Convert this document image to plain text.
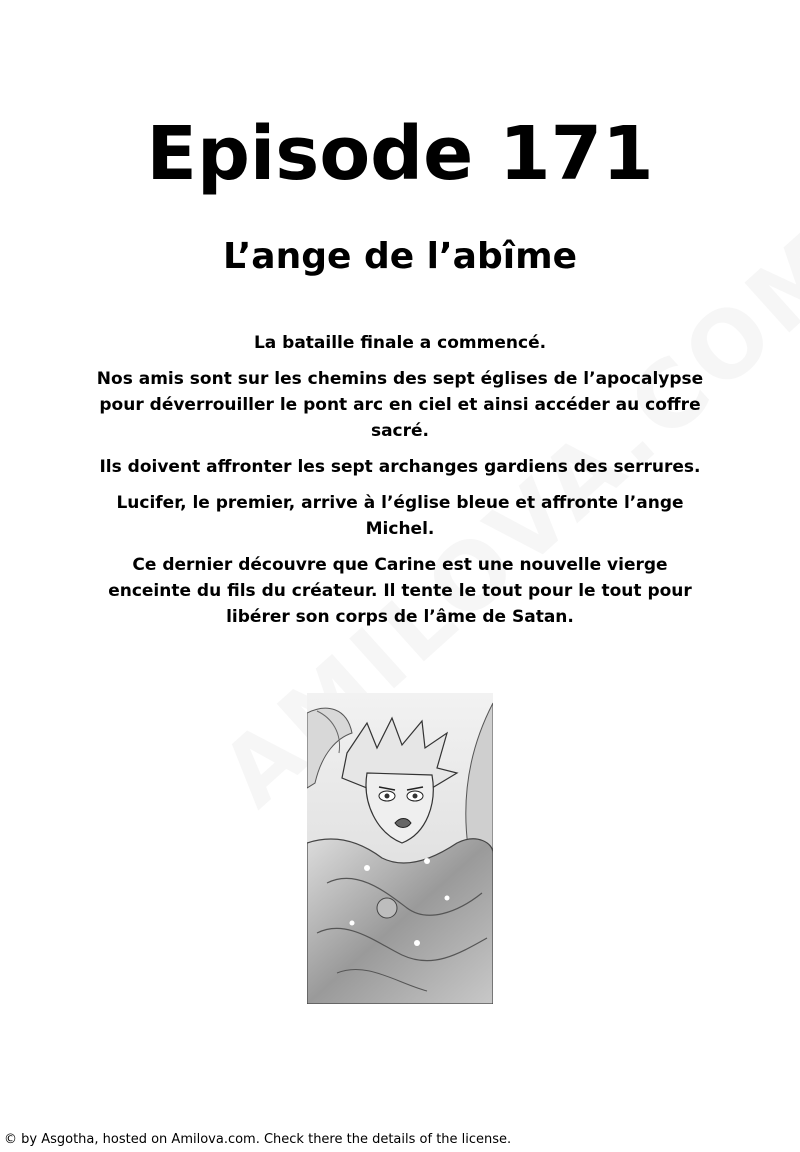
Episode 171
L’ange de l’abîme

La bataille finale a commencé.

Nos amis sont sur les chemins des sept églises de l’apocalypse pour déverrouiller le pont arc en ciel et ainsi accéder au coffre sacré.

Ils doivent affronter les sept archanges gardiens des serrures.

Lucifer, le premier, arrive à l’église bleue et affronte l’ange Michel.

Ce dernier découvre que Carine est une nouvelle vierge enceinte du fils du créateur. Il tente le tout pour le tout pour libérer son corps de l’âme de Satan.

© by Asgotha, hosted on Amilova.com. Check there the details of the license.
